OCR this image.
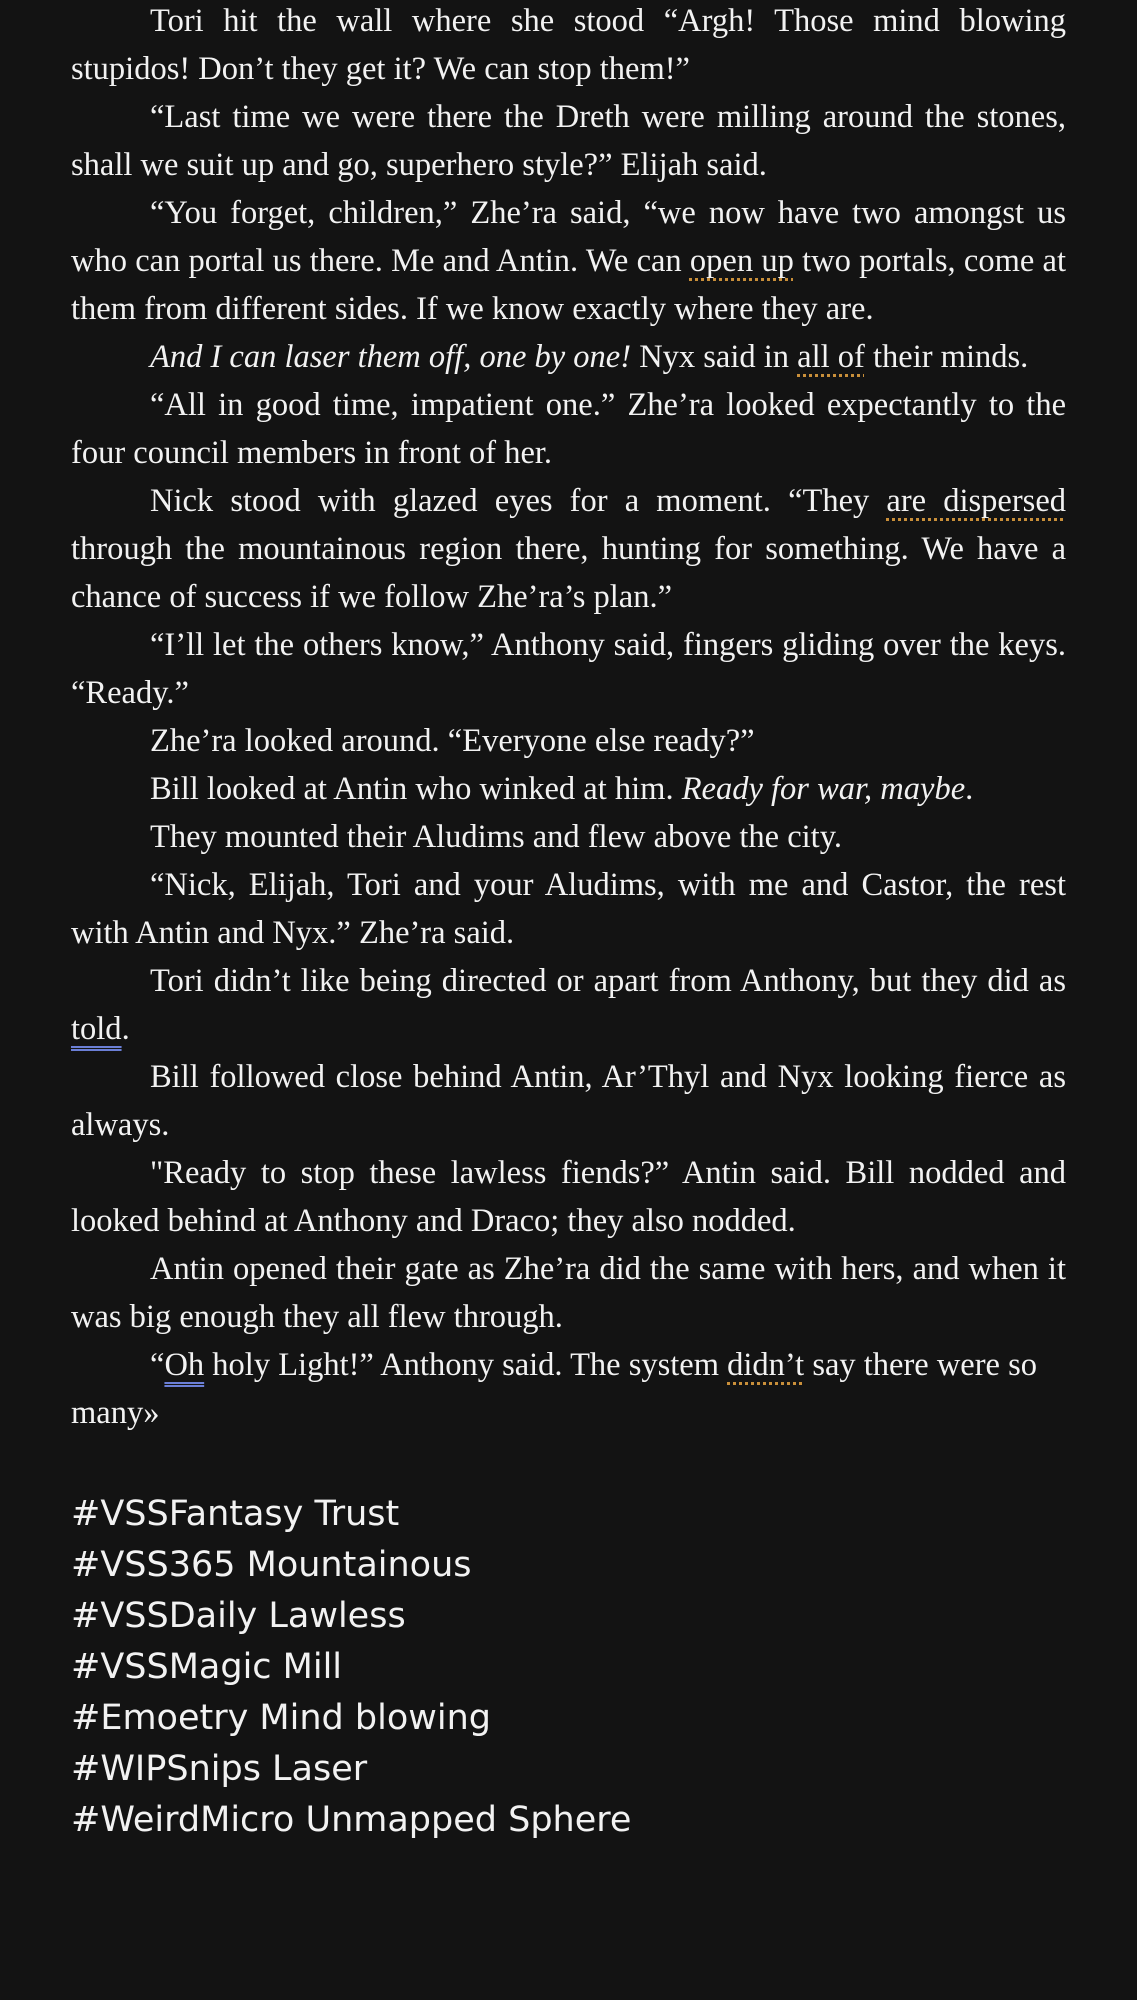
Tori hit the wall where she stood “Argh! Those mind blowing stupidos! Don’t they get it? We can stop them!”

“Last time we were there the Dreth were milling around the stones, shall we suit up and go, superhero style?” Elijah said.

“You forget, children,” Zhe’ra said, “we now have two amongst us who can portal us there. Me and Antin. We can open up two portals, come at them from different sides. If we know exactly where they are.

And I can laser them off, one by one! Nyx said in all of their minds.

“All in good time, impatient one.” Zhe’ra looked expectantly to the four council members in front of her.

Nick stood with glazed eyes for a moment. “They are dispersed through the mountainous region there, hunting for something. We have a chance of success if we follow Zhe’ra’s plan.”

“I’ll let the others know,” Anthony said, fingers gliding over the keys. “Ready.”

Zhe’ra looked around. “Everyone else ready?”

Bill looked at Antin who winked at him. Ready for war, maybe.

They mounted their Aludims and flew above the city.

“Nick, Elijah, Tori and your Aludims, with me and Castor, the rest with Antin and Nyx.” Zhe’ra said.

Tori didn’t like being directed or apart from Anthony, but they did as told.

Bill followed close behind Antin, Ar’Thyl and Nyx looking fierce as always.

"Ready to stop these lawless fiends?” Antin said. Bill nodded and looked behind at Anthony and Draco; they also nodded.

Antin opened their gate as Zhe’ra did the same with hers, and when it was big enough they all flew through.

“Oh holy Light!” Anthony said. The system didn’t say there were so many»

#VSSFantasy Trust
#VSS365 Mountainous
#VSSDaily Lawless
#VSSMagic Mill
#Emoetry Mind blowing
#WIPSnips Laser
#WeirdMicro Unmapped Sphere
